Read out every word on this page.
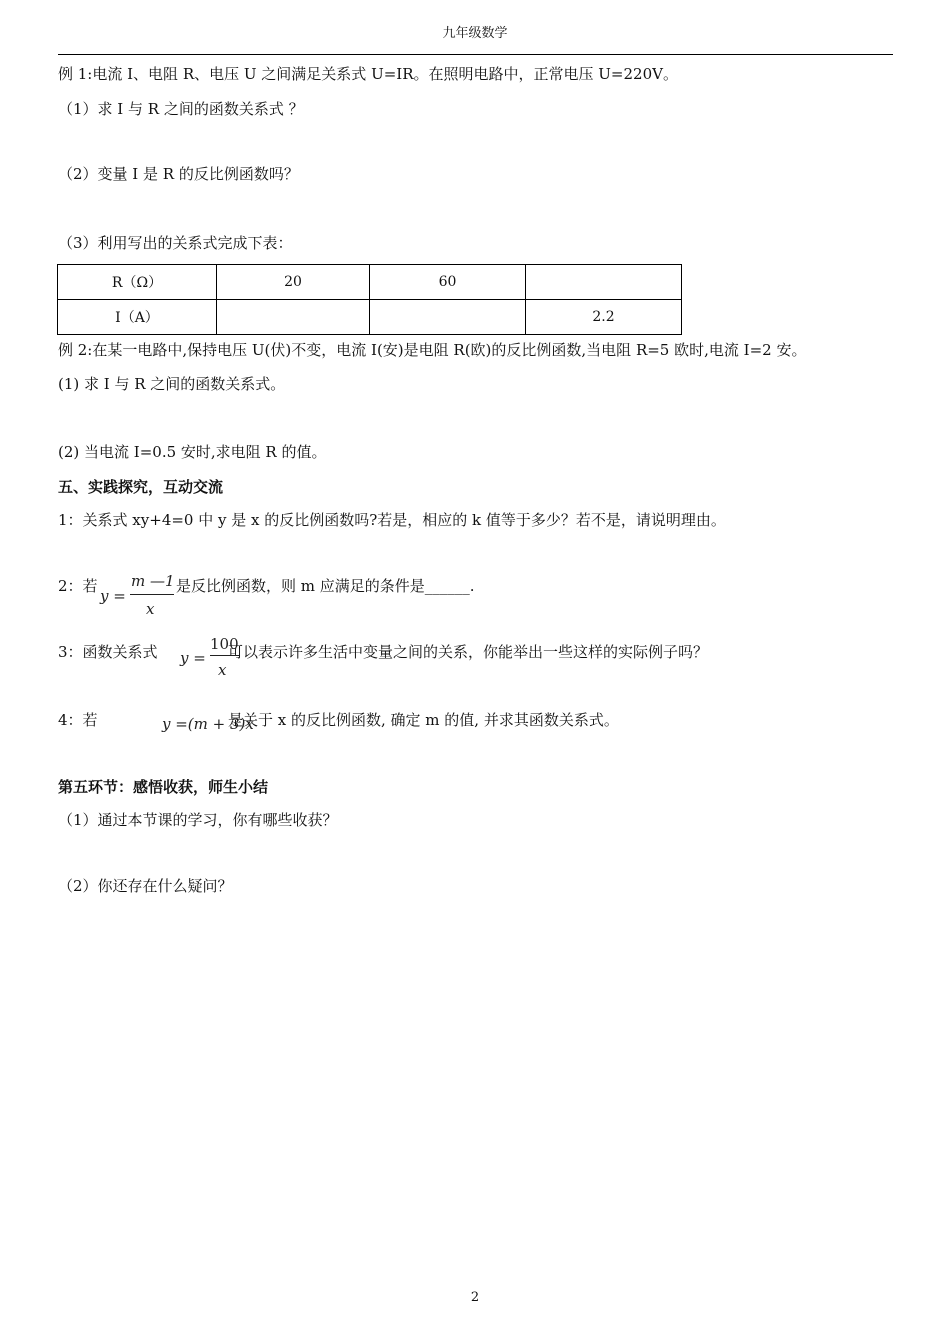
九年级数学
例 1:电流 I、电阻 R、电压 U 之间满足关系式 U=IR。在照明电路中，正常电压 U=220V。
（1）求 I 与 R 之间的函数关系式 ？
（2）变量 I 是 R 的反比例函数吗？
（3）利用写出的关系式完成下表：
R（Ω）	20	60	
I（A）			2.2
例 2:在某一电路中,保持电压 U(伏)不变，电流 I(安)是电阻 R(欧)的反比例函数,当电阻 R=5 欧时,电流 I=2 安。
(1) 求 I 与 R 之间的函数关系式。
(2) 当电流 I=0.5 安时,求电阻 R 的值。
五、实践探究，互动交流
1：关系式 xy+4=0 中 y 是 x 的反比例函数吗?若是，相应的 k 值等于多少？若不是，请说明理由。
2：若
y =
m —1
x
是反比例函数，则 m 应满足的条件是______.
3：函数关系式 y =
100
x
可以表示许多生活中变量之间的关系，你能举出一些这样的实际例子吗？
4：若	y =(m + 3)x
是关于 x 的反比例函数, 确定 m 的值, 并求其函数关系式。
第五环节：感悟收获，师生小结
（1）通过本节课的学习，你有哪些收获？
（2）你还存在什么疑问？
2
